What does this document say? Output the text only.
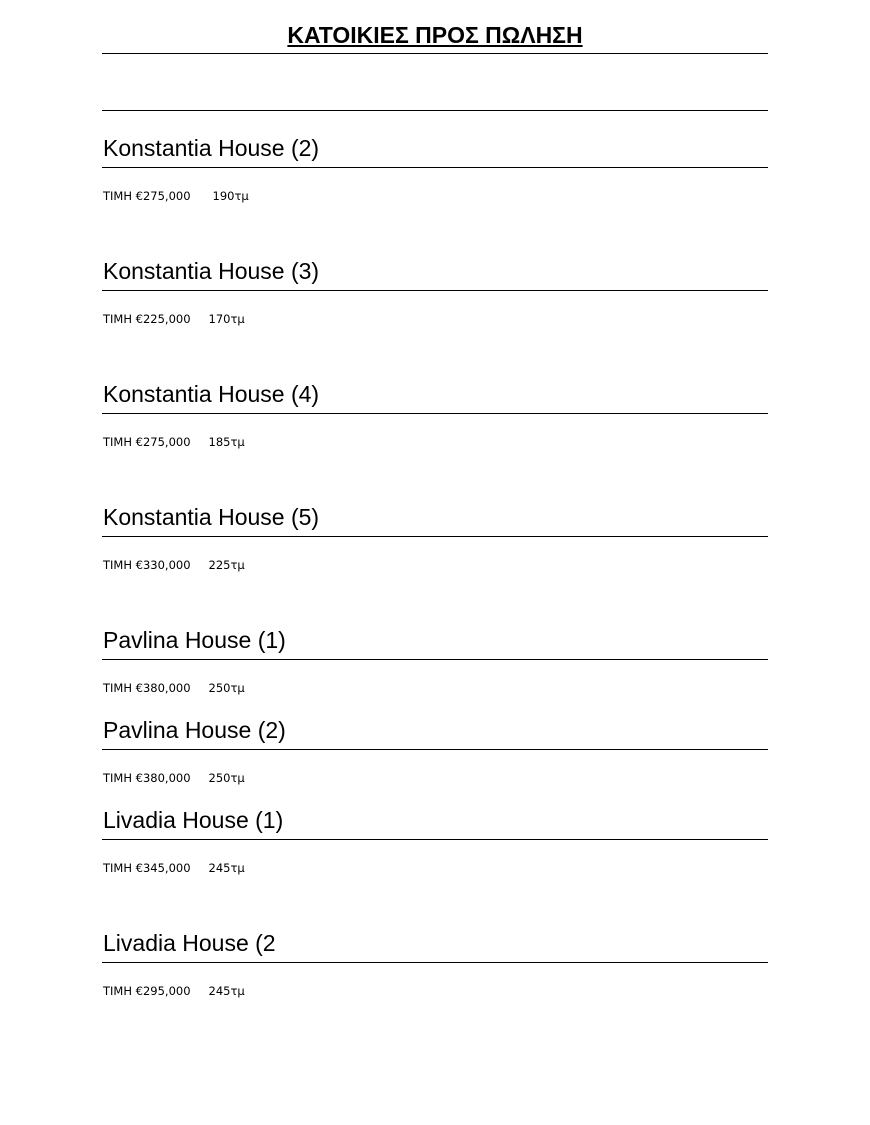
ΚΑΤΟΙΚΙΕΣ ΠΡΟΣ ΠΩΛΗΣΗ
Konstantia House (2)
ΤΙΜΗ €275,000 190τμ
Konstantia House (3)
ΤΙΜΗ €225,000 170τμ
Konstantia House (4)
ΤΙΜΗ €275,000 185τμ
Konstantia House (5)
ΤΙΜΗ €330,000 225τμ
Pavlina House (1)
ΤΙΜΗ €380,000 250τμ
Pavlina House (2)
ΤΙΜΗ €380,000 250τμ
Livadia House (1)
ΤΙΜΗ €345,000 245τμ
Livadia House (2
ΤΙΜΗ €295,000 245τμ
